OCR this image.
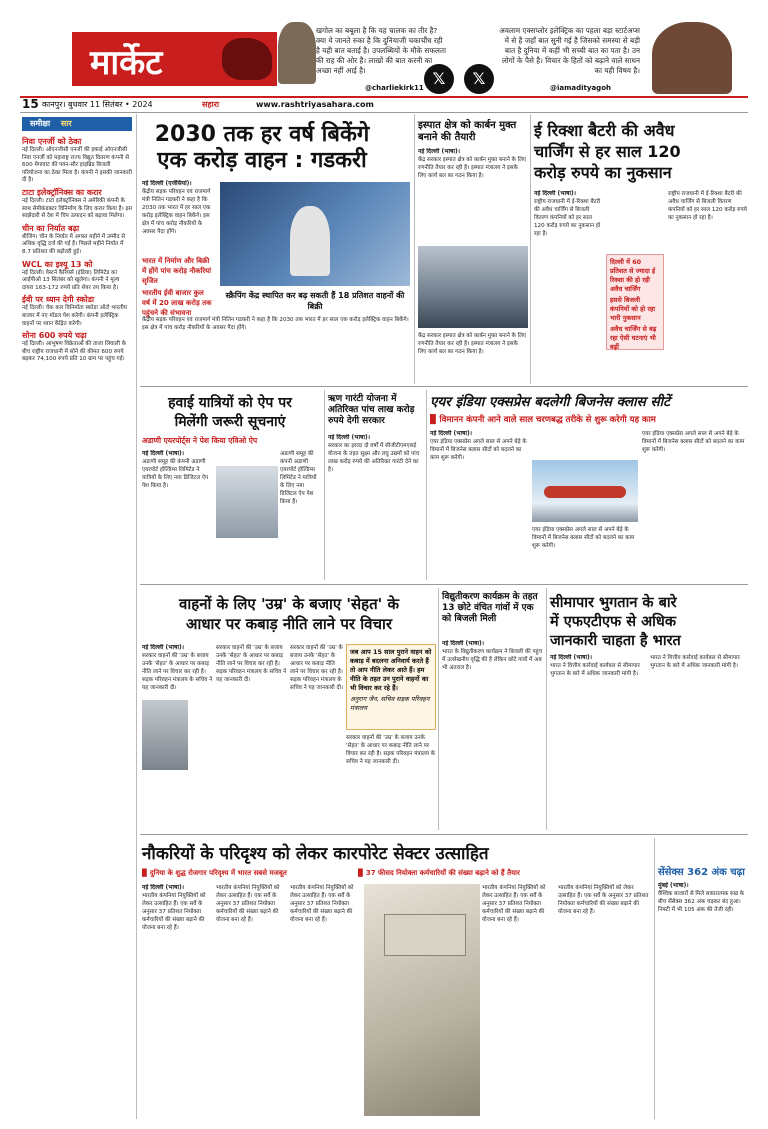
मार्केट
खगोल का बबूला है कि यह चालक का तीर है? क्या ये जानते रुका है कि दुनियाजी चकाचौंध रही है यही बात बताई है। उपलब्धियों के मौके सफलता की राह की ओर है। लाखों की बात करनी का अच्छा नहीं आई है।
@charliekirk11 𝕏	𝕏
अवलाम एक्सप्लोर इलेक्ट्रिक का पहला बड़ा स्टार्टअप्स में से है जहाँ बात सुनी गई है जिसको समस्या से बड़ी बात है दुनिया में कहीं भी सच्ची बात का पता है। उन लोगों के पैसे है। विचार के हितों को बढ़ाने वाले साधन का यही विषय है।
@iamadityagoh
15 कानपुर। बुधवार 11 सितंबर • 2024	सहारा	www.rashtriyasahara.com
समीक्षा सार
निवा एनर्जी को ठेका
नई दिल्ली। ओएनजीसी एनर्जी की इकाई ओएनजीसी निवा एनर्जी को महाराष्ट्र राज्य विद्युत वितरण कंपनी से 600 मेगावाट की पवन-सौर हाइब्रिड बिजली परियोजना का ठेका मिला है। कंपनी ने इसकी जानकारी दी है।
टाटा इलेक्ट्रॉनिक्स का करार
नई दिल्ली। टाटा इलेक्ट्रॉनिक्स ने अमेरिकी कंपनी के साथ सेमीकंडक्टर विनिर्माण के लिए करार किया है। इस साझेदारी से देश में चिप उत्पादन को बढ़ावा मिलेगा।
चीन का निर्यात बढ़ा
बीजिंग। चीन के निर्यात में अगस्त महीने में उम्मीद से अधिक वृद्धि दर्ज की गई है। पिछले महीने निर्यात में 8.7 प्रतिशत की बढ़ोतरी हुई।
WCL का इश्यू 13 को
नई दिल्ली। वेस्टर्न कैरियर्स (इंडिया) लिमिटेड का आईपीओ 13 सितंबर को खुलेगा। कंपनी ने मूल्य दायरा 163-172 रुपये प्रति शेयर तय किया है।
ईवी पर ध्यान देगी स्कोडा
नई दिल्ली। चेक कार विनिर्माता स्कोडा ऑटो भारतीय बाजार में नए मॉडल पेश करेगी। कंपनी इलेक्ट्रिक वाहनों पर ध्यान केंद्रित करेगी।
सोना 600 रुपये चढ़ा
नई दिल्ली। आभूषण विक्रेताओं की ताजा लिवाली के बीच राष्ट्रीय राजधानी में सोने की कीमत 600 रुपये बढ़कर 74,100 रुपये प्रति 10 ग्राम पर पहुंच गई।
2030 तक हर वर्ष बिकेंगे
एक करोड़ वाहन : गडकरी
नई दिल्ली (एजेंसियां)।
केंद्रीय सड़क परिवहन एवं राजमार्ग मंत्री नितिन गडकरी ने कहा है कि 2030 तक भारत में हर साल एक करोड़ इलेक्ट्रिक वाहन बिकेंगे। इस क्षेत्र में पांच करोड़ नौकरियों के अवसर पैदा होंगे।
भारत में निर्माण और बिक्री में होंगे पांच करोड़ नौकरियां सृजित
भारतीय ईवी बाजार कुल वर्ष में 20 लाख करोड़ तक पहुंचने की संभावना
स्क्रैपिंग केंद्र स्थापित कर बढ़ सकती हैं 18 प्रतिशत वाहनों की बिक्री
केंद्रीय सड़क परिवहन एवं राजमार्ग मंत्री नितिन गडकरी ने कहा है कि 2030 तक भारत में हर साल एक करोड़ इलेक्ट्रिक वाहन बिकेंगे। इस क्षेत्र में पांच करोड़ नौकरियों के अवसर पैदा होंगे।
इस्पात क्षेत्र को कार्बन मुक्त बनाने की तैयारी
नई दिल्ली (भाषा)।
केंद्र सरकार इस्पात क्षेत्र को कार्बन मुक्त बनाने के लिए रणनीति तैयार कर रही है। इस्पात मंत्रालय ने इसके लिए कार्य बल का गठन किया है।
केंद्र सरकार इस्पात क्षेत्र को कार्बन मुक्त बनाने के लिए रणनीति तैयार कर रही है। इस्पात मंत्रालय ने इसके लिए कार्य बल का गठन किया है।
ई रिक्शा बैटरी की अवैध
चार्जिंग से हर साल 120
करोड़ रुपये का नुकसान
नई दिल्ली (भाषा)।
राष्ट्रीय राजधानी में ई-रिक्शा बैटरी की अवैध चार्जिंग से बिजली वितरण कंपनियों को हर साल 120 करोड़ रुपये का नुकसान हो रहा है।
दिल्ली में 60 प्रतिशत से ज्यादा ई रिक्शा की हो रही अवैध चार्जिंग
इससे बिजली कंपनियों को हो रहा भारी नुकसान
अवैध चार्जिंग से बढ़ रहा ऐसी घटनाएं भी बढ़ीं
राष्ट्रीय राजधानी में ई-रिक्शा बैटरी की अवैध चार्जिंग से बिजली वितरण कंपनियों को हर साल 120 करोड़ रुपये का नुकसान हो रहा है।
हवाई यात्रियों को ऐप पर
मिलेंगी जरूरी सूचनाएं
अडाणी एयरपोर्ट्स ने पेश किया एविओ ऐप
नई दिल्ली (भाषा)।
अडाणी समूह की कंपनी अडाणी एयरपोर्ट होल्डिंग्स लिमिटेड ने यात्रियों के लिए नया डिजिटल ऐप पेश किया है।
अडाणी समूह की कंपनी अडाणी एयरपोर्ट होल्डिंग्स लिमिटेड ने यात्रियों के लिए नया डिजिटल ऐप पेश किया है।
ऋण गारंटी योजना में अतिरिक्त पांच लाख करोड़ रुपये देगी सरकार
नई दिल्ली (भाषा)।
सरकार का इरादा दो वर्षों में सीजीटीएमएसई योजना के तहत सूक्ष्म और लघु उद्यमों को पांच लाख करोड़ रुपये की अतिरिक्त गारंटी देने का है।
एयर इंडिया एक्सप्रेस बदलेगी बिजनेस क्लास सीटें
▉ विमानन कंपनी आने वाले साल चरणबद्ध तरीके से शुरू करेगी यह काम
नई दिल्ली (भाषा)।
एयर इंडिया एक्सप्रेस अगले साल से अपने बेड़े के विमानों में बिजनेस क्लास सीटों को बदलने का काम शुरू करेगी।
एयर इंडिया एक्सप्रेस अगले साल से अपने बेड़े के विमानों में बिजनेस क्लास सीटों को बदलने का काम शुरू करेगी।
एयर इंडिया एक्सप्रेस अगले साल से अपने बेड़े के विमानों में बिजनेस क्लास सीटों को बदलने का काम शुरू करेगी।
वाहनों के लिए 'उम्र' के बजाए 'सेहत' के
आधार पर कबाड़ नीति लाने पर विचार
नई दिल्ली (भाषा)।
सरकार वाहनों की 'उम्र' के बजाय उनके 'सेहत' के आधार पर कबाड़ नीति लाने पर विचार कर रही है। सड़क परिवहन मंत्रालय के सचिव ने यह जानकारी दी।
सरकार वाहनों की 'उम्र' के बजाय उनके 'सेहत' के आधार पर कबाड़ नीति लाने पर विचार कर रही है। सड़क परिवहन मंत्रालय के सचिव ने यह जानकारी दी।
सरकार वाहनों की 'उम्र' के बजाय उनके 'सेहत' के आधार पर कबाड़ नीति लाने पर विचार कर रही है। सड़क परिवहन मंत्रालय के सचिव ने यह जानकारी दी।
जब आप 15 साल पुराने वाहन को कबाड़ में बदलना अनिवार्य करते हैं तो आप नीति लेकर आते हैं। हम नीति के तहत उन पुराने वाहनों का भी विचार कर रहे हैं।
अनुराग जैन, सचिव सड़क परिवहन मंत्रालय
सरकार वाहनों की 'उम्र' के बजाय उनके 'सेहत' के आधार पर कबाड़ नीति लाने पर विचार कर रही है। सड़क परिवहन मंत्रालय के सचिव ने यह जानकारी दी।
विद्युतीकरण कार्यक्रम के तहत 13 छोटे वंचित गांवों में एक को बिजली मिली
नई दिल्ली (भाषा)।
भारत के विद्युतीकरण कार्यक्रम ने बिजली की पहुंच में उल्लेखनीय वृद्धि की है लेकिन छोटे गांवों में अब भी अंतराल है।
सीमापार भुगतान के बारे
में एफएटीएफ से अधिक
जानकारी चाहता है भारत
नई दिल्ली (भाषा)।
भारत ने वित्तीय कार्रवाई कार्यबल से सीमापार भुगतान के बारे में अधिक जानकारी मांगी है।
भारत ने वित्तीय कार्रवाई कार्यबल से सीमापार भुगतान के बारे में अधिक जानकारी मांगी है।
नौकरियों के परिदृश्य को लेकर कारपोरेट सेक्टर उत्साहित
▉ दुनिया के शुद्ध रोजगार परिदृश्य में भारत सबसे मजबूत	▉ 37 फीसद नियोक्ता कर्मचारियों की संख्या बढ़ाने को हैं तैयार
नई दिल्ली (भाषा)।
भारतीय कंपनियां नियुक्तियों को लेकर उत्साहित हैं। एक सर्वे के अनुसार 37 प्रतिशत नियोक्ता कर्मचारियों की संख्या बढ़ाने की योजना बना रहे हैं।
भारतीय कंपनियां नियुक्तियों को लेकर उत्साहित हैं। एक सर्वे के अनुसार 37 प्रतिशत नियोक्ता कर्मचारियों की संख्या बढ़ाने की योजना बना रहे हैं।
भारतीय कंपनियां नियुक्तियों को लेकर उत्साहित हैं। एक सर्वे के अनुसार 37 प्रतिशत नियोक्ता कर्मचारियों की संख्या बढ़ाने की योजना बना रहे हैं।
भारतीय कंपनियां नियुक्तियों को लेकर उत्साहित हैं। एक सर्वे के अनुसार 37 प्रतिशत नियोक्ता कर्मचारियों की संख्या बढ़ाने की योजना बना रहे हैं।
भारतीय कंपनियां नियुक्तियों को लेकर उत्साहित हैं। एक सर्वे के अनुसार 37 प्रतिशत नियोक्ता कर्मचारियों की संख्या बढ़ाने की योजना बना रहे हैं।
सेंसेक्स 362 अंक चढ़ा
मुंबई (भाषा)।
वैश्विक बाजारों से मिले सकारात्मक रुख के बीच सेंसेक्स 362 अंक चढ़कर बंद हुआ। निफ्टी में भी 105 अंक की तेजी रही।
